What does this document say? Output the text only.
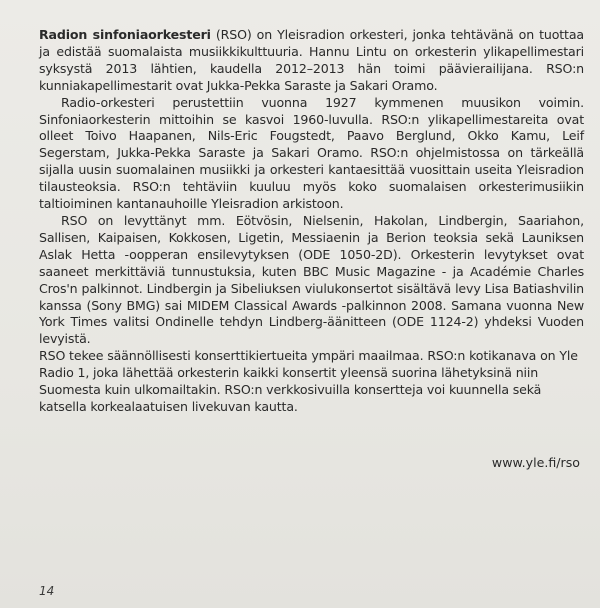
Radion sinfoniaorkesteri (RSO) on Yleisradion orkesteri, jonka tehtävänä on tuottaa ja edistää suomalaista musiikkikulttuuria. Hannu Lintu on orkesterin ylikapellimestari syksystä 2013 lähtien, kaudella 2012–2013 hän toimi päävierailijana. RSO:n kunniakapellimestarit ovat Jukka-Pekka Saraste ja Sakari Oramo.

Radio-orkesteri perustettiin vuonna 1927 kymmenen muusikon voimin. Sinfoniaorkesterin mittoihin se kasvoi 1960-luvulla. RSO:n ylikapellimestareita ovat olleet Toivo Haapanen, Nils-Eric Fougstedt, Paavo Berglund, Okko Kamu, Leif Segerstam, Jukka-Pekka Saraste ja Sakari Oramo. RSO:n ohjelmistossa on tärkeällä sijalla uusin suomalainen musiikki ja orkesteri kantaesittää vuosittain useita Yleisradion tilausteoksia. RSO:n tehtäviin kuuluu myös koko suomalaisen orkesterimusiikin taltioiminen kantanauhoille Yleisradion arkistoon.

RSO on levyttänyt mm. Eötvösin, Nielsenin, Hakolan, Lindbergin, Saariahon, Sallisen, Kaipaisen, Kokkosen, Ligetin, Messiaenin ja Berion teoksia sekä Launiksen Aslak Hetta -oopperan ensilevytyksen (ODE 1050-2D). Orkesterin levytykset ovat saaneet merkittäviä tunnustuksia, kuten BBC Music Magazine - ja Académie Charles Cros'n palkinnot. Lindbergin ja Sibeliuksen viulukonsertot sisältävä levy Lisa Batiashvilin kanssa (Sony BMG) sai MIDEM Classical Awards -palkinnon 2008. Samana vuonna New York Times valitsi Ondinelle tehdyn Lindberg-äänitteen (ODE 1124-2) yhdeksi Vuoden levyistä.

RSO tekee säännöllisesti konserttikiertueita ympäri maailmaa. RSO:n kotikanava on Yle Radio 1, joka lähettää orkesterin kaikki konsertit yleensä suorina lähetyksinä niin Suomesta kuin ulkomailtakin. RSO:n verkkosivuilla konsertteja voi kuunnella sekä katsella korkealaatuisen livekuvan kautta.

www.yle.fi/rso
14
